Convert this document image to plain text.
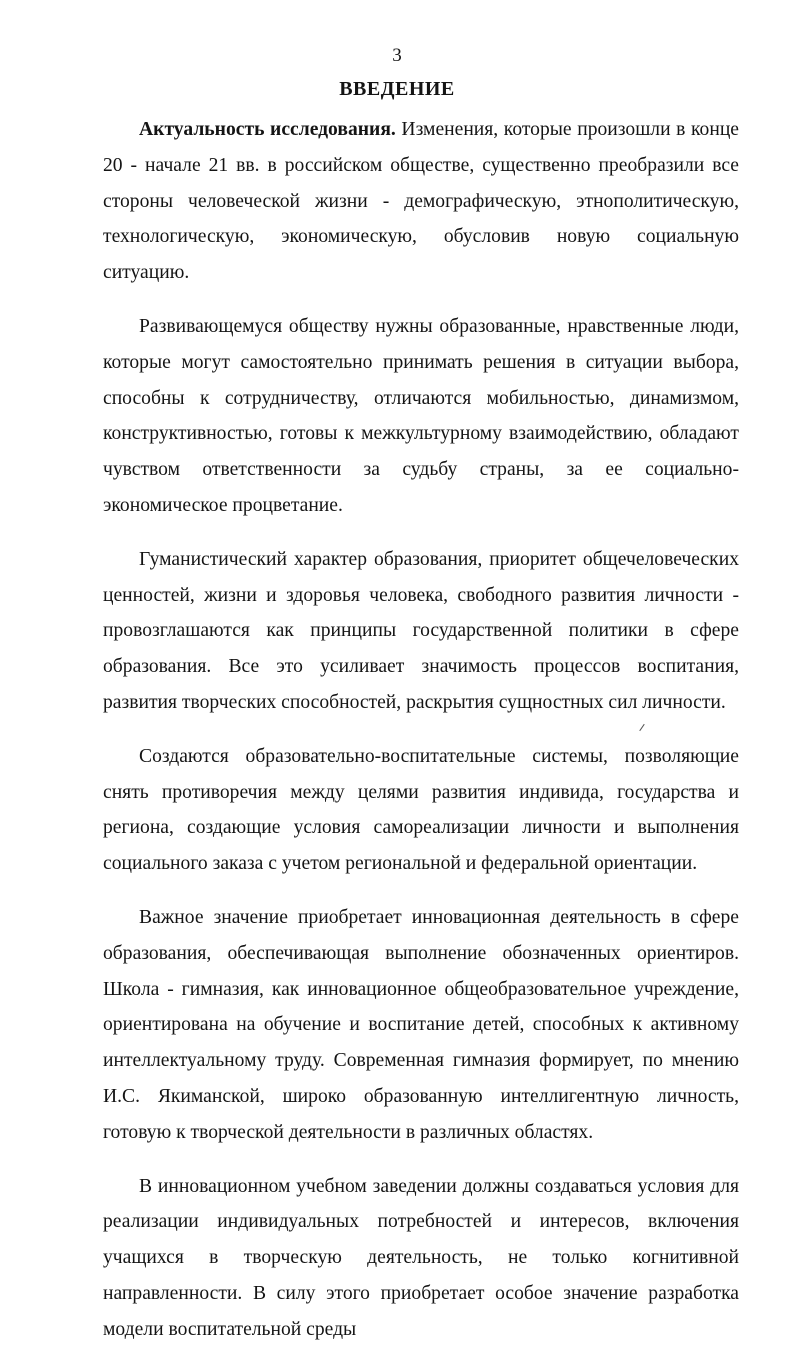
3
ВВЕДЕНИЕ

Актуальность исследования. Изменения, которые произошли в конце 20 - начале 21 вв. в российском обществе, существенно преобразили все стороны человеческой жизни - демографическую, этнополитическую, технологическую, экономическую, обусловив новую социальную ситуацию.

Развивающемуся обществу нужны образованные, нравственные люди, которые могут самостоятельно принимать решения в ситуации выбора, способны к сотрудничеству, отличаются мобильностью, динамизмом, конструктивностью, готовы к межкультурному взаимодействию, обладают чувством ответственности за судьбу страны, за ее социально-экономическое процветание.

Гуманистический характер образования, приоритет общечеловеческих ценностей, жизни и здоровья человека, свободного развития личности - провозглашаются как принципы государственной политики в сфере образования. Все это усиливает значимость процессов воспитания, развития творческих способностей, раскрытия сущностных сил личности.

Создаются образовательно-воспитательные системы, позволяющие снять противоречия между целями развития индивида, государства и региона, создающие условия самореализации личности и выполнения социального заказа с учетом региональной и федеральной ориентации.

Важное значение приобретает инновационная деятельность в сфере образования, обеспечивающая выполнение обозначенных ориентиров. Школа - гимназия, как инновационное общеобразовательное учреждение, ориентирована на обучение и воспитание детей, способных к активному интеллектуальному труду. Современная гимназия формирует, по мнению И.С. Якиманской, широко образованную интеллигентную личность, готовую к творческой деятельности в различных областях.

В инновационном учебном заведении должны создаваться условия для реализации индивидуальных потребностей и интересов, включения учащихся в творческую деятельность, не только когнитивной направленности. В силу этого приобретает особое значение разработка модели воспитательной среды
